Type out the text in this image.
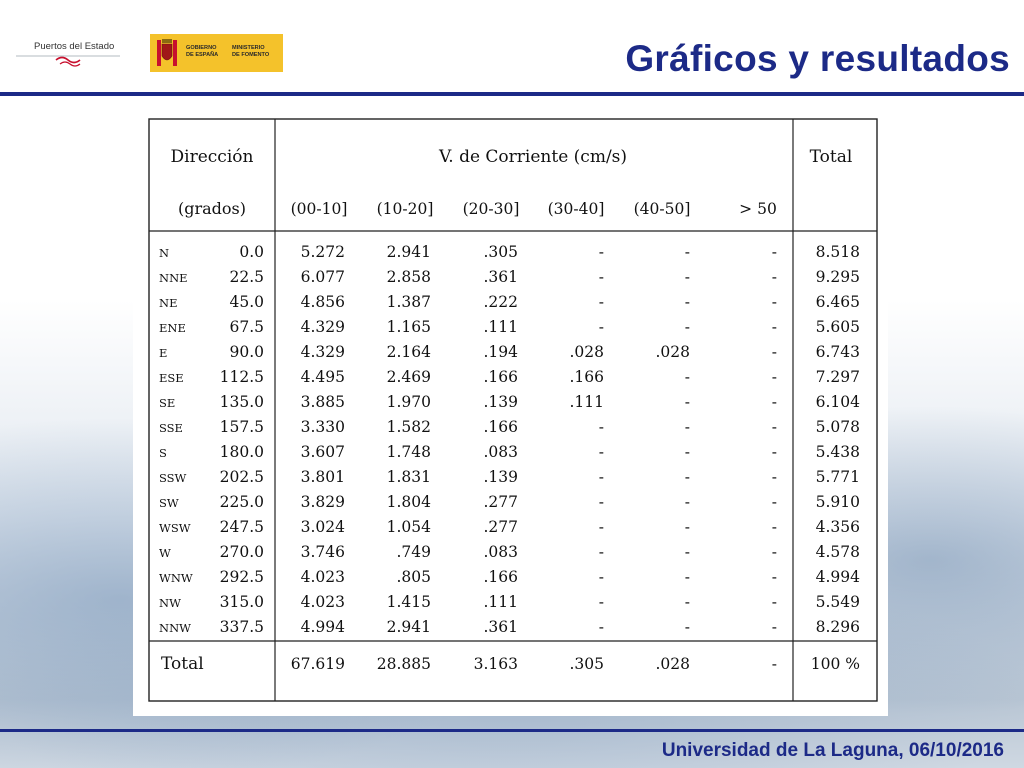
Puertos del Estado	GOBIERNO
DE ESPAÑA
MINISTERIO
DE FOMENTO	Gráficos y resultados
Dirección
(grados)
V. de Corriente (cm/s)	Total
(00-10] (10-20] (20-30] (30-40] (40-50]	> 50
N	0.0 5.272	2.941	.305	-	-	- 8.518
NNE	22.5 6.077	2.858	.361	-	-	- 9.295
NE	45.0 4.856	1.387	.222	-	-	- 6.465
ENE	67.5 4.329	1.165	.111	-	-	- 5.605
E	90.0 4.329	2.164	.194	.028	.028	- 6.743
ESE 112.5 4.495	2.469	.166	.166	-	- 7.297
SE	135.0 3.885	1.970	.139	.111	-	- 6.104
SSE 157.5 3.330	1.582	.166	-	-	- 5.078
S	180.0 3.607	1.748	.083	-	-	- 5.438
SSW 202.5 3.801	1.831	.139	-	-	- 5.771
SW	225.0 3.829	1.804	.277	-	-	- 5.910
WSW 247.5 3.024	1.054	.277	-	-	- 4.356
W	270.0 3.746	.749	.083	-	-	- 4.578
WNW 292.5 4.023	.805	.166	-	-	- 4.994
NW 315.0 4.023	1.415	.111	-	-	- 5.549
NNW 337.5 4.994	2.941	.361	-	-	- 8.296
Total	67.619 28.885	3.163	.305	.028	- 100 %
Universidad de La Laguna, 06/10/2016
